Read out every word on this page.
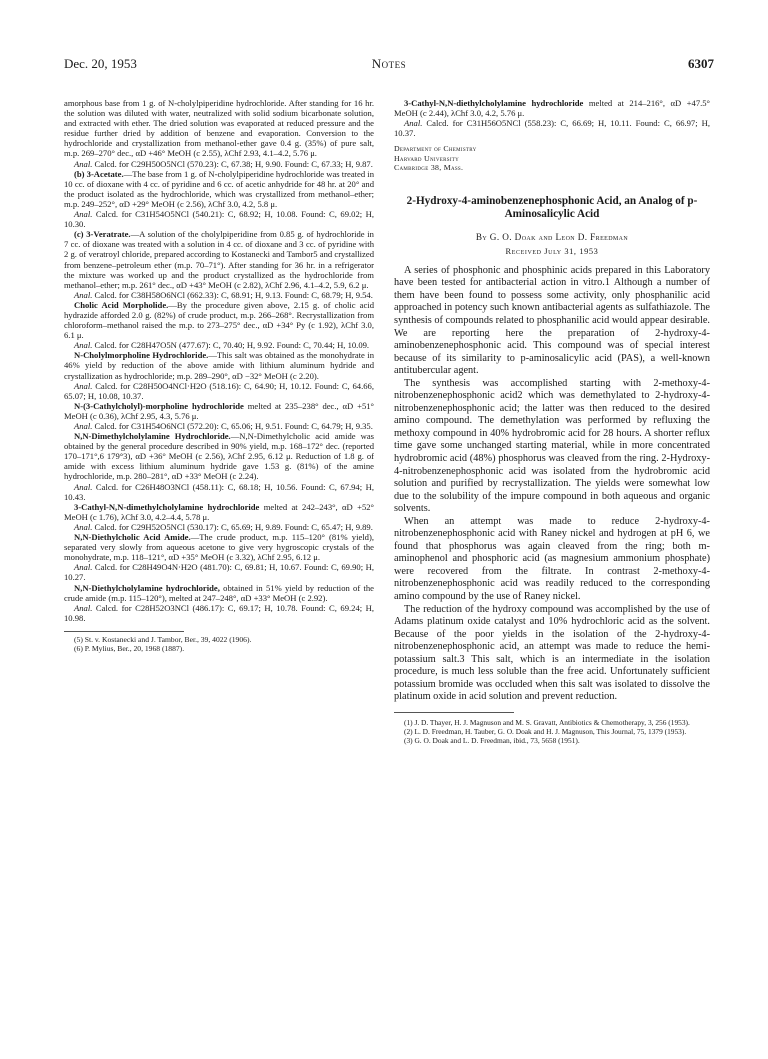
Dec. 20, 1953	Notes	6307

amorphous base from 1 g. of N-cholylpiperidine hydrochloride. After standing for 16 hr. the solution was diluted with water, neutralized with solid sodium bicarbonate solution, and extracted with ether. The dried solution was evaporated at reduced pressure and the residue further dried by addition of benzene and evaporation. Conversion to the hydrochloride and crystallization from methanol-ether gave 0.4 g. (35%) of pure salt, m.p. 269–270° dec., αD +46° MeOH (c 2.55), λChf 2.93, 4.1–4.2, 5.76 μ.

Anal. Calcd. for C29H50O5NCl (570.23): C, 67.38; H, 9.90. Found: C, 67.33; H, 9.87.

(b) 3-Acetate.—The base from 1 g. of N-cholylpiperidine hydrochloride was treated in 10 cc. of dioxane with 4 cc. of pyridine and 6 cc. of acetic anhydride for 48 hr. at 20° and the product isolated as the hydrochloride, which was crystallized from methanol–ether; m.p. 249–252°, αD +29° MeOH (c 2.56), λChf 3.0, 4.2, 5.8 μ.

Anal. Calcd. for C31H54O5NCl (540.21): C, 68.92; H, 10.08. Found: C, 69.02; H, 10.30.

(c) 3-Veratrate.—A solution of the cholylpiperidine from 0.85 g. of hydrochloride in 7 cc. of dioxane was treated with a solution in 4 cc. of dioxane and 3 cc. of pyridine with 2 g. of veratroyl chloride, prepared according to Kostanecki and Tambor5 and crystallized from benzene–petroleum ether (m.p. 70–71°). After standing for 36 hr. in a refrigerator the mixture was worked up and the product crystallized as the hydrochloride from methanol–ether; m.p. 261° dec., αD +43° MeOH (c 2.82), λChf 2.96, 4.1–4.2, 5.9, 6.2 μ.

Anal. Calcd. for C38H58O6NCl (662.33): C, 68.91; H, 9.13. Found: C, 68.79; H, 9.54.

Cholic Acid Morpholide.—By the procedure given above, 2.15 g. of cholic acid hydrazide afforded 2.0 g. (82%) of crude product, m.p. 266–268°. Recrystallization from chloroform–methanol raised the m.p. to 273–275° dec., αD +34° Py (c 1.92), λChf 3.0, 6.1 μ.

Anal. Calcd. for C28H47O5N (477.67): C, 70.40; H, 9.92. Found: C, 70.44; H, 10.09.

N-Cholylmorpholine Hydrochloride.—This salt was obtained as the monohydrate in 46% yield by reduction of the above amide with lithium aluminum hydride and crystallization as hydrochloride; m.p. 289–290°, αD −32° MeOH (c 2.20).

Anal. Calcd. for C28H50O4NCl·H2O (518.16): C, 64.90; H, 10.12. Found: C, 64.66, 65.07; H, 10.08, 10.37.

N-(3-Cathylcholyl)-morpholine hydrochloride melted at 235–238° dec., αD +51° MeOH (c 0.36), λChf 2.95, 4.3, 5.76 μ.

Anal. Calcd. for C31H54O6NCl (572.20): C, 65.06; H, 9.51. Found: C, 64.79; H, 9.35.

N,N-Dimethylcholylamine Hydrochloride.—N,N-Dimethylcholic acid amide was obtained by the general procedure described in 90% yield, m.p. 168–172° dec. (reported 170–171°,6 179°3), αD +36° MeOH (c 2.56), λChf 2.95, 6.12 μ. Reduction of 1.8 g. of amide with excess lithium aluminum hydride gave 1.53 g. (81%) of the amine hydrochloride, m.p. 280–281°, αD +33° MeOH (c 2.24).

Anal. Calcd. for C26H48O3NCl (458.11): C, 68.18; H, 10.56. Found: C, 67.94; H, 10.43.

3-Cathyl-N,N-dimethylcholylamine hydrochloride melted at 242–243°, αD +52° MeOH (c 1.76), λChf 3.0, 4.2–4.4, 5.78 μ.

Anal. Calcd. for C29H52O5NCl (530.17): C, 65.69; H, 9.89. Found: C, 65.47; H, 9.89.

N,N-Diethylcholic Acid Amide.—The crude product, m.p. 115–120° (81% yield), separated very slowly from aqueous acetone to give very hygroscopic crystals of the monohydrate, m.p. 118–121°, αD +35° MeOH (c 3.32), λChf 2.95, 6.12 μ.

Anal. Calcd. for C28H49O4N·H2O (481.70): C, 69.81; H, 10.67. Found: C, 69.90; H, 10.27.

N,N-Diethylcholylamine hydrochloride, obtained in 51% yield by reduction of the crude amide (m.p. 115–120°), melted at 247–248°, αD +33° MeOH (c 2.92).

Anal. Calcd. for C28H52O3NCl (486.17): C, 69.17; H, 10.78. Found: C, 69.24; H, 10.98.

(5) St. v. Kostanecki and J. Tambor, Ber., 39, 4022 (1906).

(6) P. Mylius, Ber., 20, 1968 (1887).

3-Cathyl-N,N-diethylcholylamine hydrochloride melted at 214–216°, αD +47.5° MeOH (c 2.44), λChf 3.0, 4.2, 5.76 μ.

Anal. Calcd. for C31H56O5NCl (558.23): C, 66.69; H, 10.11. Found: C, 66.97; H, 10.37.

Department of Chemistry
Harvard University
Cambridge 38, Mass.
2-Hydroxy-4-aminobenzenephosphonic Acid, an Analog of p-Aminosalicylic Acid
By G. O. Doak and Leon D. Freedman
Received July 31, 1953

A series of phosphonic and phosphinic acids prepared in this Laboratory have been tested for antibacterial action in vitro.1 Although a number of them have been found to possess some activity, only phosphanilic acid approached in potency such known antibacterial agents as sulfathiazole. The synthesis of compounds related to phosphanilic acid would appear desirable. We are reporting here the preparation of 2-hydroxy-4-aminobenzenephosphonic acid. This compound was of special interest because of its similarity to p-aminosalicylic acid (PAS), a well-known antitubercular agent.

The synthesis was accomplished starting with 2-methoxy-4-nitrobenzenephosphonic acid2 which was demethylated to 2-hydroxy-4-nitrobenzenephosphonic acid; the latter was then reduced to the desired amino compound. The demethylation was performed by refluxing the methoxy compound in 40% hydrobromic acid for 28 hours. A shorter reflux time gave some unchanged starting material, while in more concentrated hydrobromic acid (48%) phosphorus was cleaved from the ring. 2-Hydroxy-4-nitrobenzenephosphonic acid was isolated from the hydrobromic acid solution and purified by recrystallization. The yields were somewhat low due to the solubility of the impure compound in both aqueous and organic solvents.

When an attempt was made to reduce 2-hydroxy-4-nitrobenzenephosphonic acid with Raney nickel and hydrogen at pH 6, we found that phosphorus was again cleaved from the ring; both m-aminophenol and phosphoric acid (as magnesium ammonium phosphate) were recovered from the filtrate. In contrast 2-methoxy-4-nitrobenzenephosphonic acid was readily reduced to the corresponding amino compound by the use of Raney nickel.

The reduction of the hydroxy compound was accomplished by the use of Adams platinum oxide catalyst and 10% hydrochloric acid as the solvent. Because of the poor yields in the isolation of the 2-hydroxy-4-nitrobenzenephosphonic acid, an attempt was made to reduce the hemi-potassium salt.3 This salt, which is an intermediate in the isolation procedure, is much less soluble than the free acid. Unfortunately sufficient potassium bromide was occluded when this salt was isolated to dissolve the platinum oxide in acid solution and prevent reduction.

(1) J. D. Thayer, H. J. Magnuson and M. S. Gravatt, Antibiotics & Chemotherapy, 3, 256 (1953).

(2) L. D. Freedman, H. Tauber, G. O. Doak and H. J. Magnuson, This Journal, 75, 1379 (1953).

(3) G. O. Doak and L. D. Freedman, ibid., 73, 5658 (1951).
